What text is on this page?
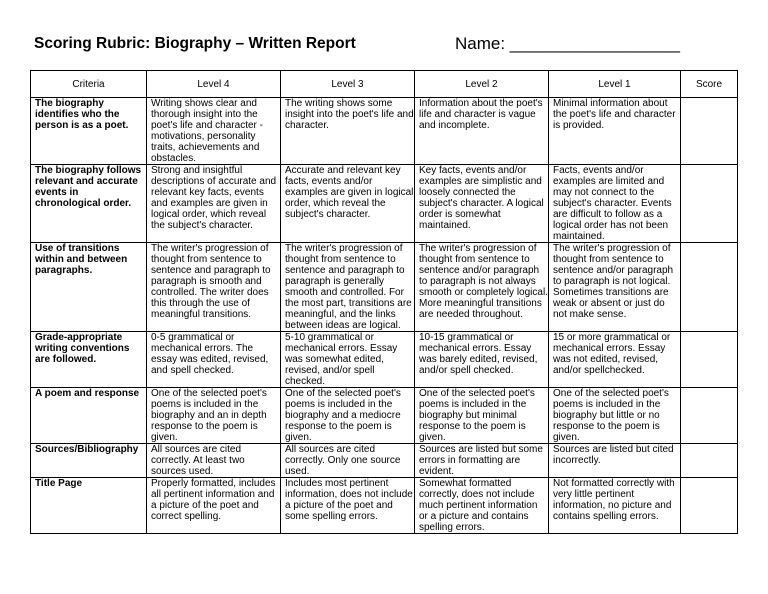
Scoring Rubric: Biography – Written Report	Name: __________________
Criteria	Level 4	Level 3	Level 2	Level 1	Score
The biography identifies who the person is as a poet.	Writing shows clear and thorough insight into the poet's life and character - motivations, personality traits, achievements and obstacles.	The writing shows some insight into the poet's life and character.	Information about the poet's life and character is vague and incomplete.	Minimal information about the poet's life and character is provided.	
The biography follows relevant and accurate events in chronological order.	Strong and insightful descriptions of accurate and relevant key facts, events and examples are given in logical order, which reveal the subject's character.	Accurate and relevant key facts, events and/or examples are given in logical order, which reveal the subject's character.	Key facts, events and/or examples are simplistic and loosely connected the subject's character. A logical order is somewhat maintained.	Facts, events and/or examples are limited and may not connect to the subject's character. Events are difficult to follow as a logical order has not been maintained.	
Use of transitions within and between paragraphs.	The writer's progression of thought from sentence to sentence and paragraph to paragraph is smooth and controlled. The writer does this through the use of meaningful transitions.	The writer's progression of thought from sentence to sentence and paragraph to paragraph is generally smooth and controlled. For the most part, transitions are meaningful, and the links between ideas are logical.	The writer's progression of thought from sentence to sentence and/or paragraph to paragraph is not always smooth or completely logical. More meaningful transitions are needed throughout.	The writer's progression of thought from sentence to sentence and/or paragraph to paragraph is not logical. Sometimes transitions are weak or absent or just do not make sense.	
Grade-appropriate writing conventions are followed.	0-5 grammatical or mechanical errors. The essay was edited, revised, and spell checked.	5-10 grammatical or mechanical errors. Essay was somewhat edited, revised, and/or spell checked.	10-15 grammatical or mechanical errors. Essay was barely edited, revised, and/or spell checked.	15 or more grammatical or mechanical errors. Essay was not edited, revised, and/or spellchecked.	
A poem and response	One of the selected poet's poems is included in the biography and an in depth response to the poem is given.	One of the selected poet's poems is included in the biography and a mediocre response to the poem is given.	One of the selected poet's poems is included in the biography but minimal response to the poem is given.	One of the selected poet's poems is included in the biography but little or no response to the poem is given.	
Sources/Bibliography	All sources are cited correctly. At least two sources used.	All sources are cited correctly. Only one source used.	Sources are listed but some errors in formatting are evident.	Sources are listed but cited incorrectly.	
Title Page	Properly formatted, includes all pertinent information and a picture of the poet and correct spelling.	Includes most pertinent information, does not include a picture of the poet and some spelling errors.	Somewhat formatted correctly, does not include much pertinent information or a picture and contains spelling errors.	Not formatted correctly with very little pertinent information, no picture and contains spelling errors.	
